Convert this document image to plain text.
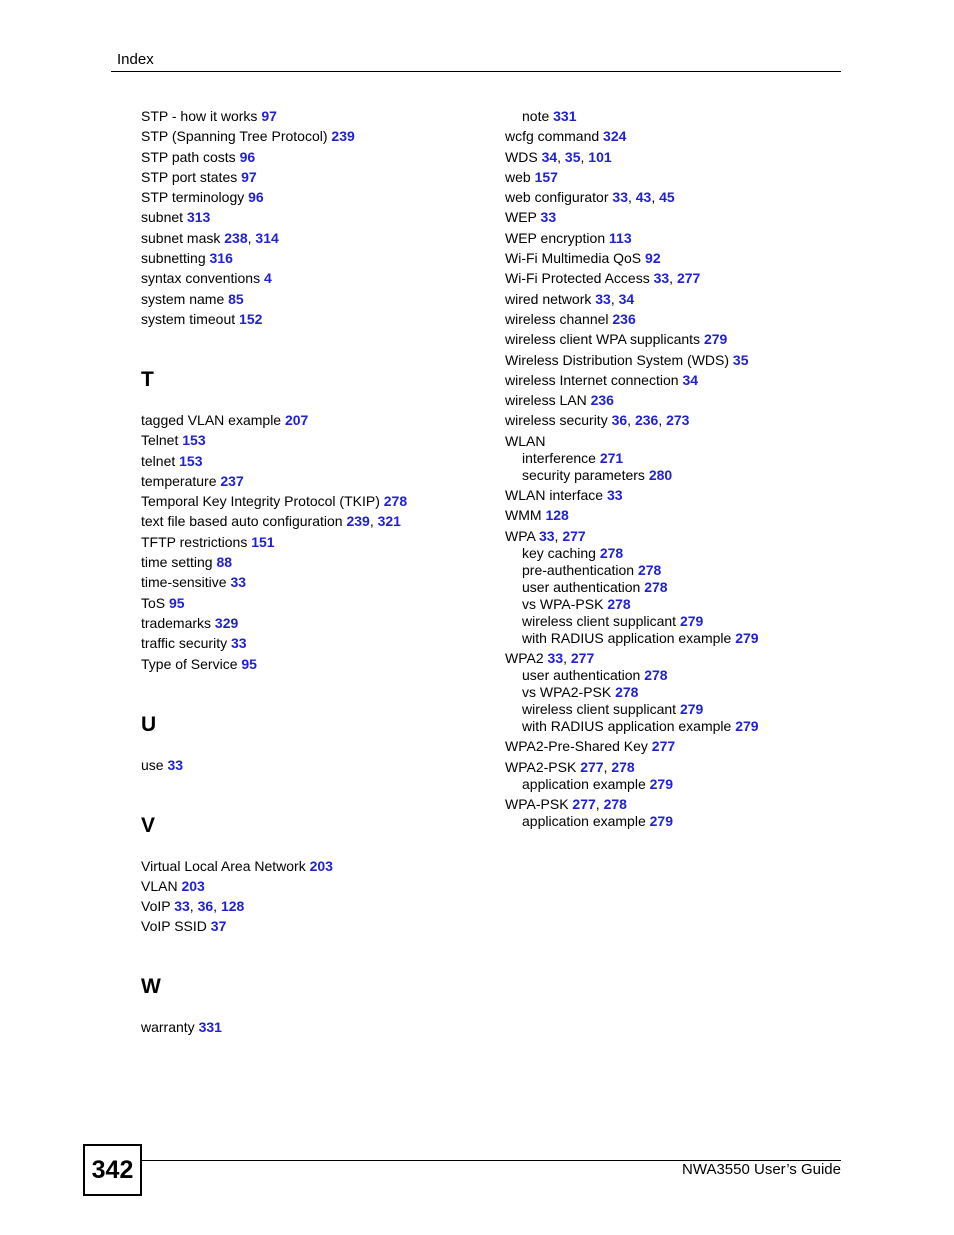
Index
STP - how it works 97
STP (Spanning Tree Protocol) 239
STP path costs 96
STP port states 97
STP terminology 96
subnet 313
subnet mask 238, 314
subnetting 316
syntax conventions 4
system name 85
system timeout 152
T
tagged VLAN example 207
Telnet 153
telnet 153
temperature 237
Temporal Key Integrity Protocol (TKIP) 278
text file based auto configuration 239, 321
TFTP restrictions 151
time setting 88
time-sensitive 33
ToS 95
trademarks 329
traffic security 33
Type of Service 95
U
use 33
V
Virtual Local Area Network 203
VLAN 203
VoIP 33, 36, 128
VoIP SSID 37
W
warranty 331
note 331
wcfg command 324
WDS 34, 35, 101
web 157
web configurator 33, 43, 45
WEP 33
WEP encryption 113
Wi-Fi Multimedia QoS 92
Wi-Fi Protected Access 33, 277
wired network 33, 34
wireless channel 236
wireless client WPA supplicants 279
Wireless Distribution System (WDS) 35
wireless Internet connection 34
wireless LAN 236
wireless security 36, 236, 273
WLAN
interference 271
security parameters 280
WLAN interface 33
WMM 128
WPA 33, 277
key caching 278
pre-authentication 278
user authentication 278
vs WPA-PSK 278
wireless client supplicant 279
with RADIUS application example 279
WPA2 33, 277
user authentication 278
vs WPA2-PSK 278
wireless client supplicant 279
with RADIUS application example 279
WPA2-Pre-Shared Key 277
WPA2-PSK 277, 278
application example 279
WPA-PSK 277, 278
application example 279
342	NWA3550 User’s Guide
